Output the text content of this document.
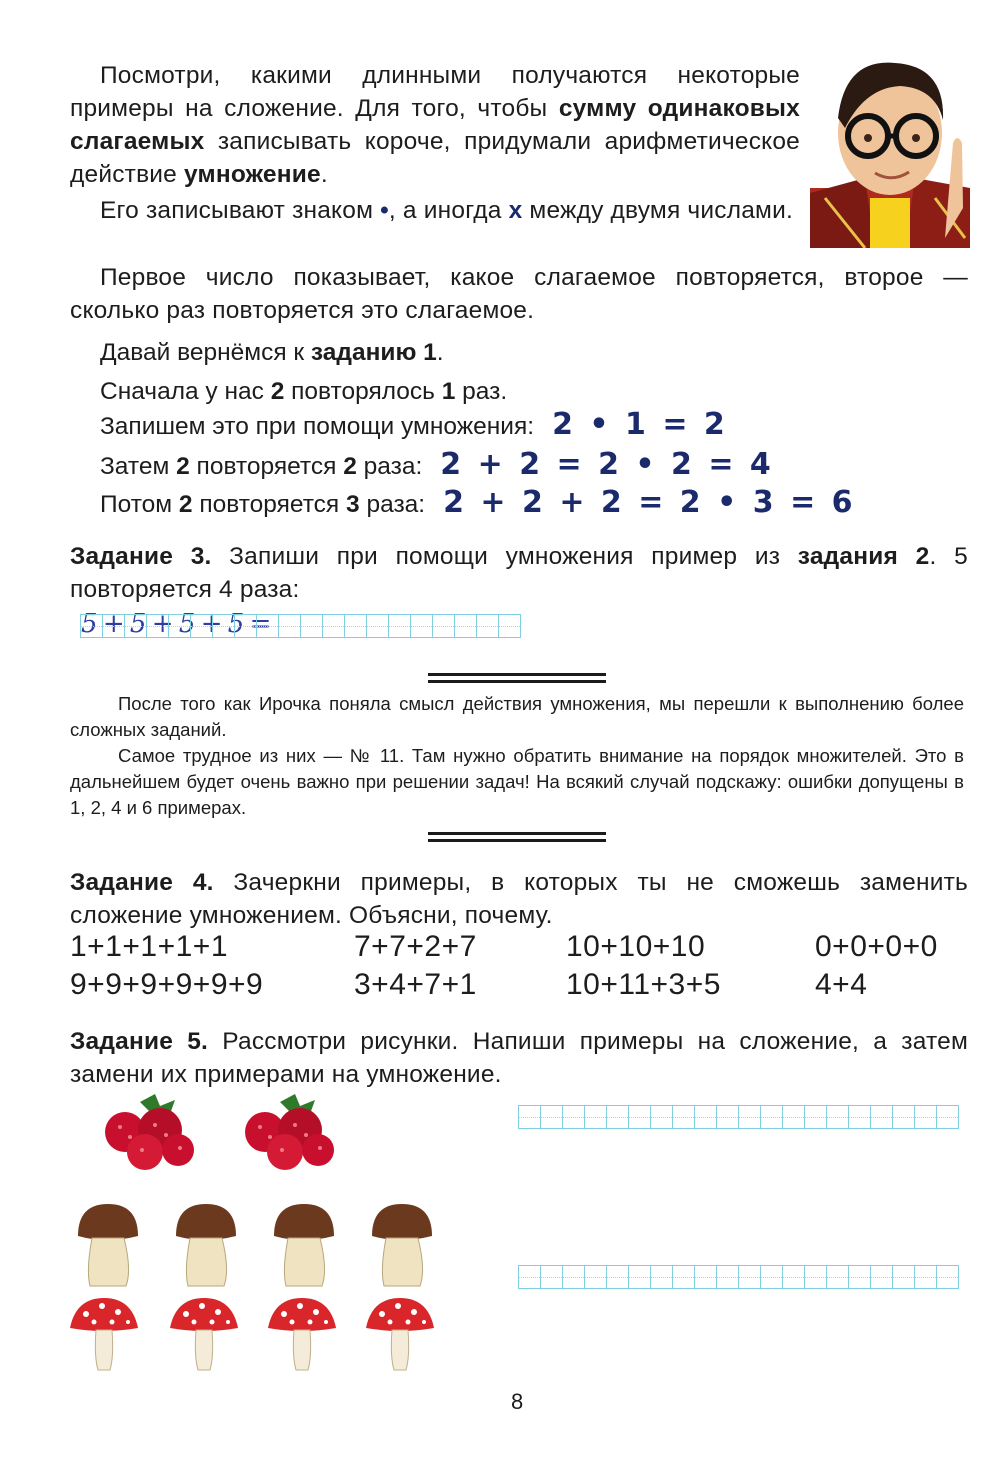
Посмотри, какими длинными получаются некоторые примеры на сложение. Для того, чтобы сумму одинаковых слагаемых записывать короче, придумали арифметическое действие умножение.
Его записывают знаком •, а иногда x между двумя числами.
Первое число показывает, какое слагаемое повторяется, второе — сколько раз повторяется это слагаемое.
Давай вернёмся к заданию 1.
Сначала у нас 2 повторялось 1 раз.
Запишем это при помощи умножения: 2 • 1 = 2
Затем 2 повторяется 2 раза: 2 + 2 = 2 • 2 = 4
Потом 2 повторяется 3 раза: 2 + 2 + 2 = 2 • 3 = 6
Задание 3. Запиши при помощи умножения пример из задания 2. 5 повторяется 4 раза:
5+5+5+5=
После того как Ирочка поняла смысл действия умножения, мы перешли к выполнению более сложных заданий.
Самое трудное из них — № 11. Там нужно обратить внимание на порядок множителей. Это в дальнейшем будет очень важно при решении задач! На всякий случай подскажу: ошибки допущены в 1, 2, 4 и 6 примерах.
Задание 4. Зачеркни примеры, в которых ты не сможешь заменить сложение умножением. Объясни, почему.
1+1+1+1+1	7+7+2+7	10+10+10	0+0+0+0
9+9+9+9+9+9	3+4+7+1	10+11+3+5	4+4
Задание 5. Рассмотри рисунки. Напиши примеры на сложение, а затем замени их примерами на умножение.
8
